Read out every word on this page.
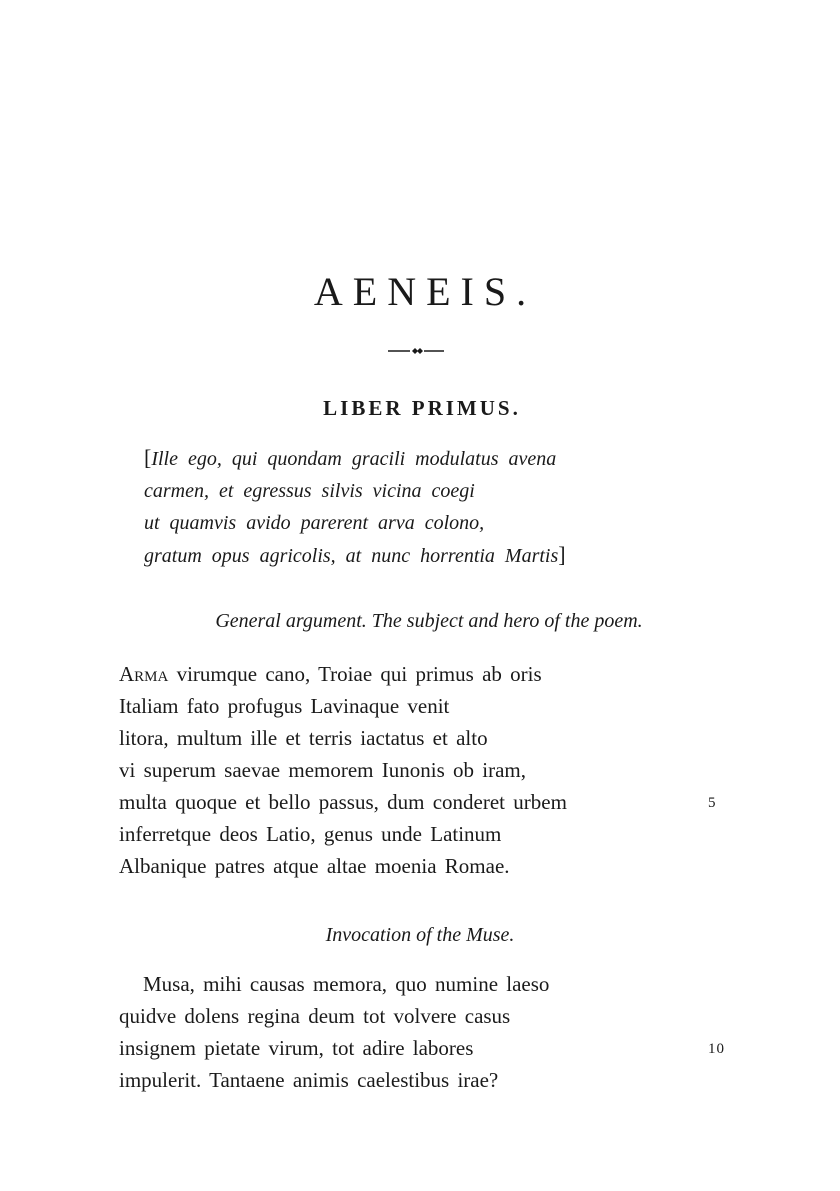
AENEIS.
LIBER PRIMUS.
[Ille ego, qui quondam gracili modulatus avena
carmen, et egressus silvis vicina coegi
ut quamvis avido parerent arva colono,
gratum opus agricolis, at nunc horrentia Martis]
General argument. The subject and hero of the poem.
Arma virumque cano, Troiae qui primus ab oris
Italiam fato profugus Lavinaque venit
litora, multum ille et terris iactatus et alto
vi superum saevae memorem Iunonis ob iram,
multa quoque et bello passus, dum conderet urbem	5
inferretque deos Latio, genus unde Latinum
Albanique patres atque altae moenia Romae.
Invocation of the Muse.
Musa, mihi causas memora, quo numine laeso
quidve dolens regina deum tot volvere casus
insignem pietate virum, tot adire labores	10
impulerit. Tantaene animis caelestibus irae?
